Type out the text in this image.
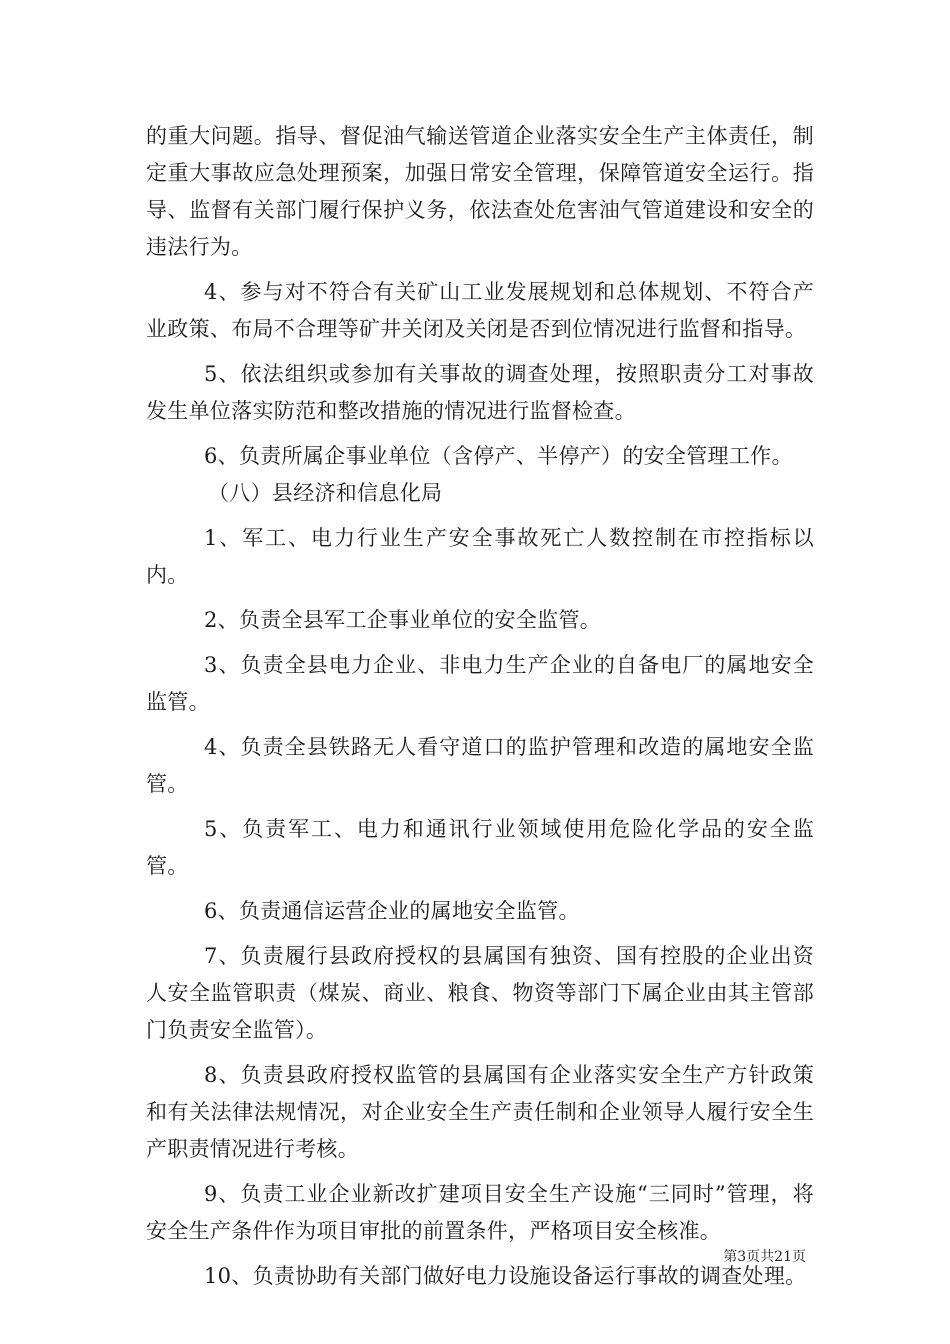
的重大问题。指导、督促油气输送管道企业落实安全生产主体责任，制定重大事故应急处理预案，加强日常安全管理，保障管道安全运行。指导、监督有关部门履行保护义务，依法查处危害油气管道建设和安全的违法行为。

4、参与对不符合有关矿山工业发展规划和总体规划、不符合产业政策、布局不合理等矿井关闭及关闭是否到位情况进行监督和指导。

5、依法组织或参加有关事故的调查处理，按照职责分工对事故发生单位落实防范和整改措施的情况进行监督检查。

6、负责所属企事业单位（含停产、半停产）的安全管理工作。

（八）县经济和信息化局

1、军工、电力行业生产安全事故死亡人数控制在市控指标以内。

2、负责全县军工企事业单位的安全监管。

3、负责全县电力企业、非电力生产企业的自备电厂的属地安全监管。

4、负责全县铁路无人看守道口的监护管理和改造的属地安全监管。

5、负责军工、电力和通讯行业领域使用危险化学品的安全监管。

6、负责通信运营企业的属地安全监管。

7、负责履行县政府授权的县属国有独资、国有控股的企业出资人安全监管职责（煤炭、商业、粮食、物资等部门下属企业由其主管部门负责安全监管）。

8、负责县政府授权监管的县属国有企业落实安全生产方针政策和有关法律法规情况，对企业安全生产责任制和企业领导人履行安全生产职责情况进行考核。

9、负责工业企业新改扩建项目安全生产设施“三同时”管理，将安全生产条件作为项目审批的前置条件，严格项目安全核准。

10、负责协助有关部门做好电力设施设备运行事故的调查处理。

第3页共21页
